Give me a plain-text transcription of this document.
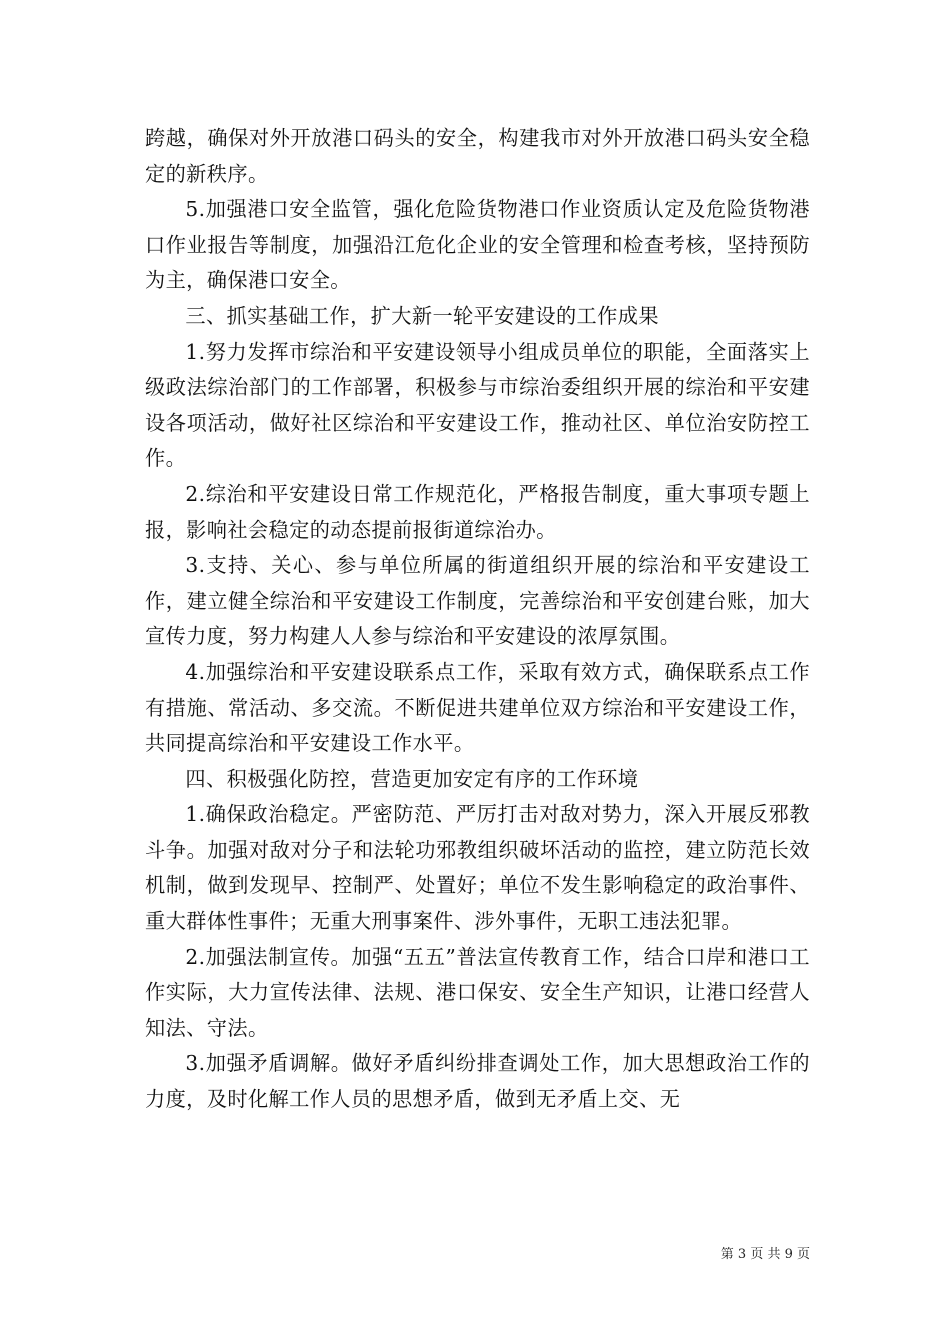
跨越，确保对外开放港口码头的安全，构建我市对外开放港口码头安全稳定的新秩序。

5.加强港口安全监管，强化危险货物港口作业资质认定及危险货物港口作业报告等制度，加强沿江危化企业的安全管理和检查考核，坚持预防为主，确保港口安全。

三、抓实基础工作，扩大新一轮平安建设的工作成果

1.努力发挥市综治和平安建设领导小组成员单位的职能，全面落实上级政法综治部门的工作部署，积极参与市综治委组织开展的综治和平安建设各项活动，做好社区综治和平安建设工作，推动社区、单位治安防控工作。

2.综治和平安建设日常工作规范化，严格报告制度，重大事项专题上报，影响社会稳定的动态提前报街道综治办。

3.支持、关心、参与单位所属的街道组织开展的综治和平安建设工作，建立健全综治和平安建设工作制度，完善综治和平安创建台账，加大宣传力度，努力构建人人参与综治和平安建设的浓厚氛围。

4.加强综治和平安建设联系点工作，采取有效方式，确保联系点工作有措施、常活动、多交流。不断促进共建单位双方综治和平安建设工作，共同提高综治和平安建设工作水平。

四、积极强化防控，营造更加安定有序的工作环境

1.确保政治稳定。严密防范、严厉打击对敌对势力，深入开展反邪教斗争。加强对敌对分子和法轮功邪教组织破坏活动的监控，建立防范长效机制，做到发现早、控制严、处置好；单位不发生影响稳定的政治事件、重大群体性事件；无重大刑事案件、涉外事件，无职工违法犯罪。

2.加强法制宣传。加强“五五”普法宣传教育工作，结合口岸和港口工作实际，大力宣传法律、法规、港口保安、安全生产知识，让港口经营人知法、守法。

3.加强矛盾调解。做好矛盾纠纷排查调处工作，加大思想政治工作的力度，及时化解工作人员的思想矛盾，做到无矛盾上交、无

第 3 页 共 9 页
